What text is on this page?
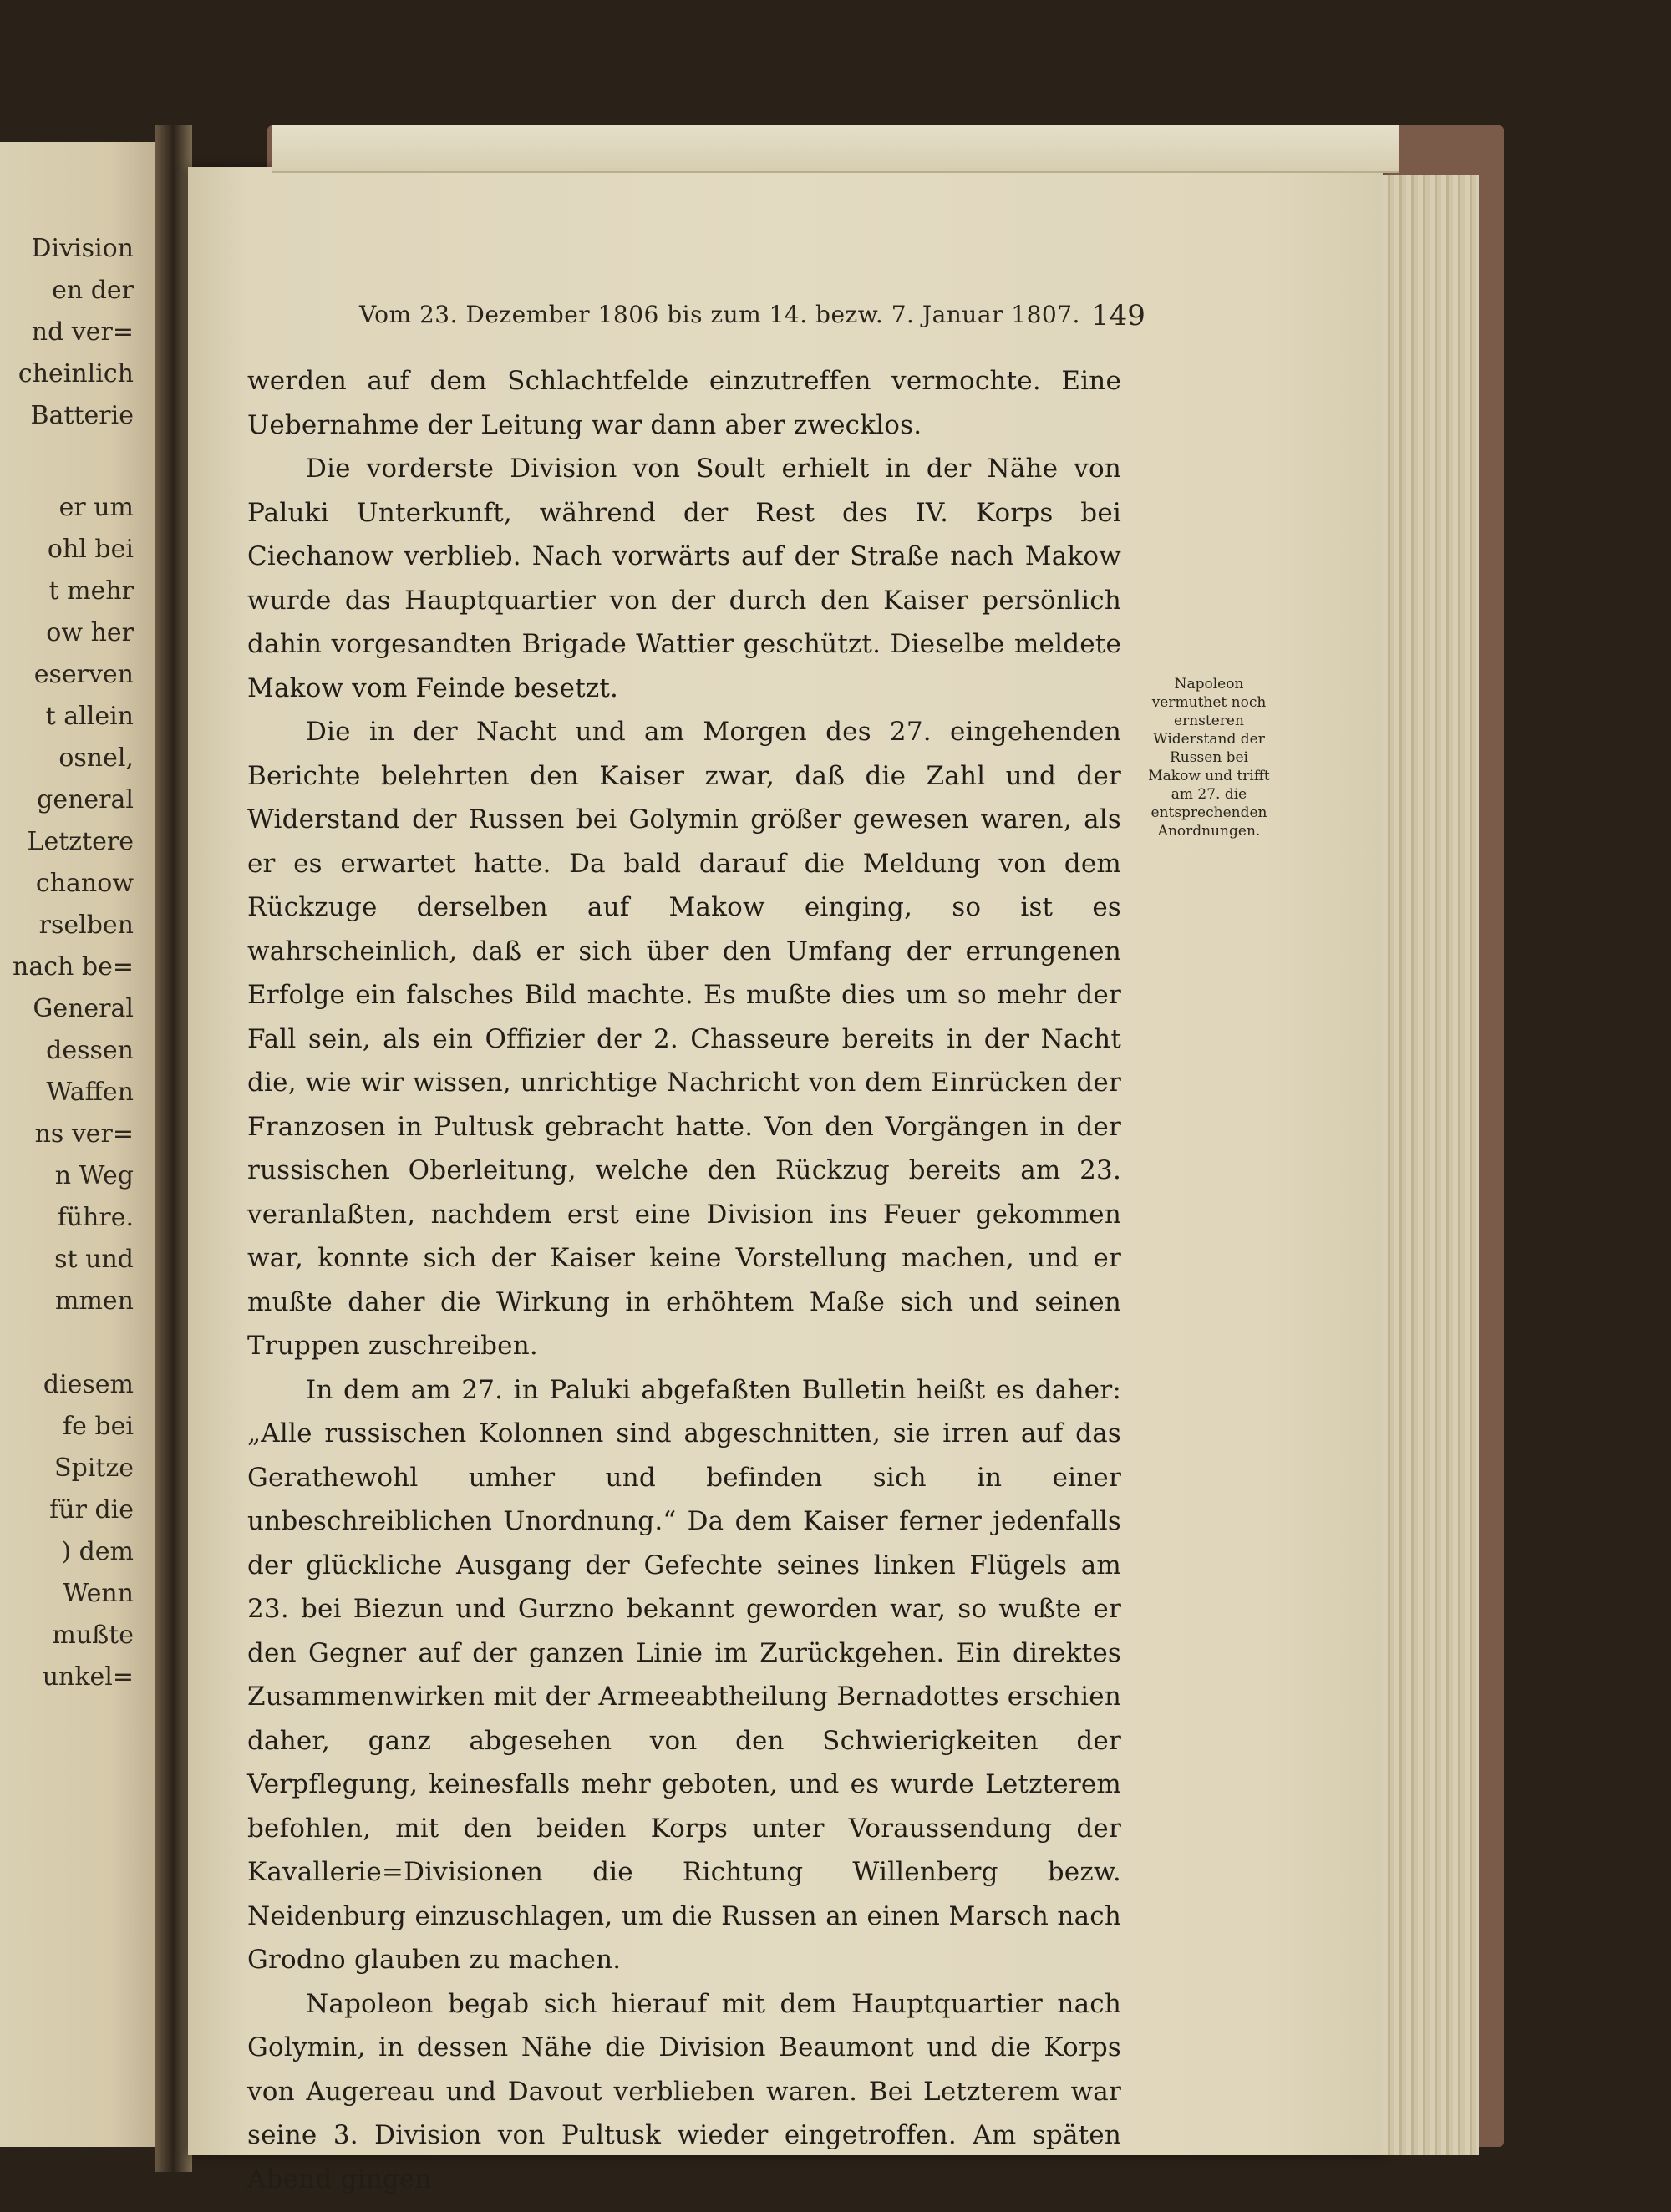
Division
en der
nd ver=
cheinlich
Batterie
er um
ohl bei
t mehr
ow her
eserven
t allein
osnel,
general
Letztere
chanow
rselben
nach be=
General
dessen
Waffen
ns ver=
n Weg
führe.
st und
mmen
diesem
fe bei
Spitze
für die
) dem
Wenn
mußte
unkel=
Vom 23. Dezember 1806 bis zum 14. bezw. 7. Januar 1807. 149

werden auf dem Schlachtfelde einzutreffen vermochte. Eine Uebernahme der Leitung war dann aber zwecklos.

Die vorderste Division von Soult erhielt in der Nähe von Paluki Unterkunft, während der Rest des IV. Korps bei Ciechanow verblieb. Nach vorwärts auf der Straße nach Makow wurde das Hauptquartier von der durch den Kaiser persönlich dahin vorgesandten Brigade Wattier geschützt. Dieselbe meldete Makow vom Feinde besetzt.

Die in der Nacht und am Morgen des 27. eingehenden Berichte belehrten den Kaiser zwar, daß die Zahl und der Widerstand der Russen bei Golymin größer gewesen waren, als er es erwartet hatte. Da bald darauf die Meldung von dem Rückzuge derselben auf Makow einging, so ist es wahrscheinlich, daß er sich über den Umfang der errungenen Erfolge ein falsches Bild machte. Es mußte dies um so mehr der Fall sein, als ein Offizier der 2. Chasseure bereits in der Nacht die, wie wir wissen, unrichtige Nachricht von dem Einrücken der Franzosen in Pultusk gebracht hatte. Von den Vorgängen in der russischen Oberleitung, welche den Rückzug bereits am 23. veranlaßten, nachdem erst eine Division ins Feuer gekommen war, konnte sich der Kaiser keine Vorstellung machen, und er mußte daher die Wirkung in erhöhtem Maße sich und seinen Truppen zuschreiben.

In dem am 27. in Paluki abgefaßten Bulletin heißt es daher: „Alle russischen Kolonnen sind abgeschnitten, sie irren auf das Gerathewohl umher und befinden sich in einer unbeschreiblichen Unordnung.“ Da dem Kaiser ferner jedenfalls der glückliche Ausgang der Gefechte seines linken Flügels am 23. bei Biezun und Gurzno bekannt geworden war, so wußte er den Gegner auf der ganzen Linie im Zurückgehen. Ein direktes Zusammenwirken mit der Armeeabtheilung Bernadottes erschien daher, ganz abgesehen von den Schwierigkeiten der Verpflegung, keinesfalls mehr geboten, und es wurde Letzterem befohlen, mit den beiden Korps unter Voraussendung der Kavallerie=Divisionen die Richtung Willenberg bezw. Neidenburg einzuschlagen, um die Russen an einen Marsch nach Grodno glauben zu machen.

Napoleon begab sich hierauf mit dem Hauptquartier nach Golymin, in dessen Nähe die Division Beaumont und die Korps von Augereau und Davout verblieben waren. Bei Letzterem war seine 3. Division von Pultusk wieder eingetroffen. Am späten Abend gingen

Napoleon vermuthet noch ernsteren Widerstand der Russen bei Makow und trifft am 27. die entsprechenden Anordnungen.
